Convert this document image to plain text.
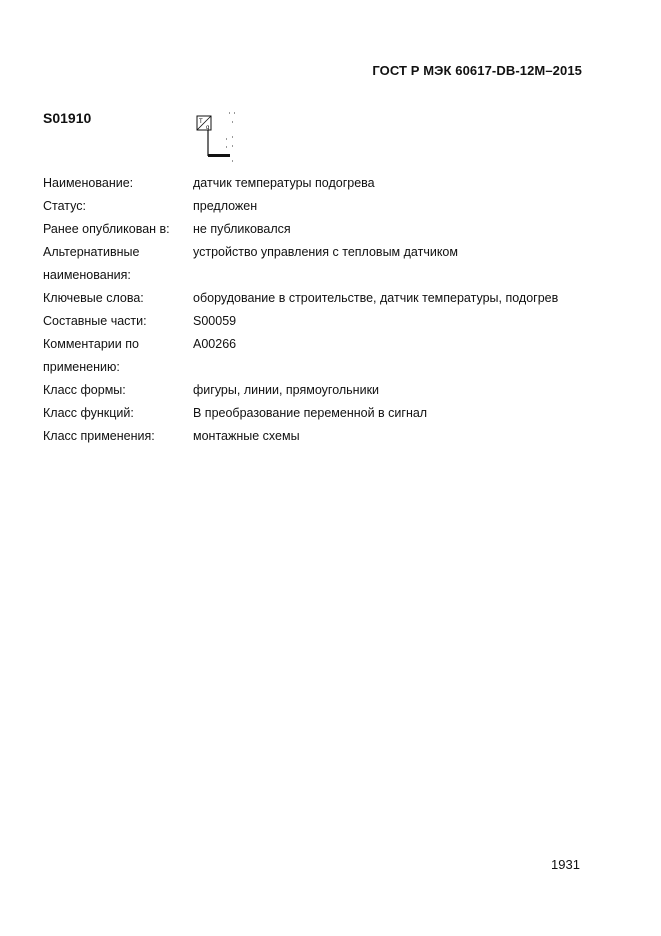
ГОСТ Р МЭК 60617-DB-12M–2015
S01910	T
g
Наименование:	датчик температуры подогрева
Статус:	предложен
Ранее опубликован в:	не публиковался
Альтернативные наименования:
устройство управления с тепловым датчиком
Ключевые слова:	оборудование в строительстве, датчик температуры, подогрев
Составные части:	S00059
Комментарии по применению:
A00266
Класс формы:	фигуры, линии, прямоугольники
Класс функций:	B преобразование переменной в сигнал
Класс применения:	монтажные схемы
1931
